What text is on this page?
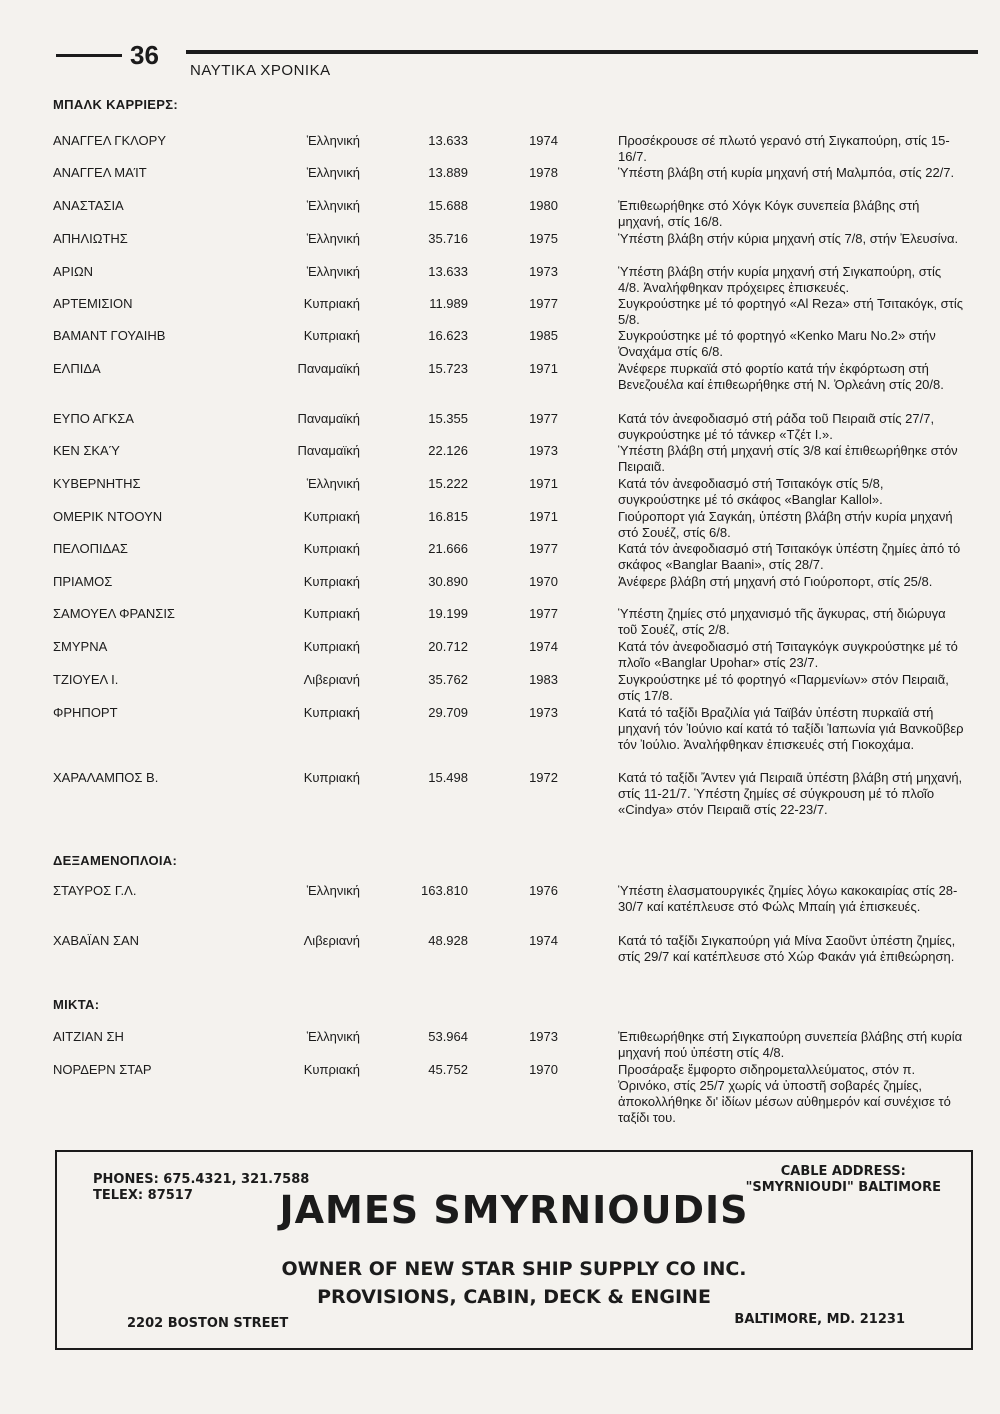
36
ΝΑΥΤΙΚΑ ΧΡΟΝΙΚΑ
ΜΠΑΛΚ ΚΑΡΡΙΕΡΣ:
ΑΝΑΓΓΕΛ ΓΚΛΟΡΥ	Ἑλληνική	13.633	1974	Προσέκρουσε σέ πλωτό γερανό στή Σιγκαπούρη, στίς 15-16/7.
ΑΝΑΓΓΕΛ ΜΑΊΤ	Ἑλληνική	13.889	1978	Ὑπέστη βλάβη στή κυρία μηχανή στή Μαλμπόα, στίς 22/7.
ΑΝΑΣΤΑΣΙΑ	Ἑλληνική	15.688	1980	Ἐπιθεωρήθηκε στό Χόγκ Κόγκ συνεπεία βλάβης στή μηχανή, στίς 16/8.
ΑΠΗΛΙΩΤΗΣ	Ἑλληνική	35.716	1975	Ὑπέστη βλάβη στήν κύρια μηχανή στίς 7/8, στήν Ἐλευσίνα.
ΑΡΙΩΝ	Ἑλληνική	13.633	1973	Ὑπέστη βλάβη στήν κυρία μηχανή στή Σιγκαπούρη, στίς 4/8. Ἀναλήφθηκαν πρόχειρες ἐπισκευές.
ΑΡΤΕΜΙΣΙΟΝ	Κυπριακή	11.989	1977	Συγκρούστηκε μέ τό φορτηγό «Al Reza» στή Τσιτακόγκ, στίς 5/8.
ΒΑΜΑΝΤ ΓΟΥΑΙΗΒ	Κυπριακή	16.623	1985	Συγκρούστηκε μέ τό φορτηγό «Kenko Maru No.2» στήν Ὀναχάμα στίς 6/8.
ΕΛΠΙΔΑ	Παναμαϊκή	15.723	1971	Ἀνέφερε πυρκαϊά στό φορτίο κατά τήν ἐκφόρτωση στή Βενεζουέλα καί ἐπιθεωρήθηκε στή Ν. Ὀρλεάνη στίς 20/8.
ΕΥΠΟ ΑΓΚΣΑ	Παναμαϊκή	15.355	1977	Κατά τόν ἀνεφοδιασμό στή ράδα τοῦ Πειραιᾶ στίς 27/7, συγκρούστηκε μέ τό τάνκερ «Τζέτ Ι.».
ΚΕΝ ΣΚΑΎ	Παναμαϊκή	22.126	1973	Ὑπέστη βλάβη στή μηχανή στίς 3/8 καί ἐπιθεωρήθηκε στόν Πειραιᾶ.
ΚΥΒΕΡΝΗΤΗΣ	Ἑλληνική	15.222	1971	Κατά τόν ἀνεφοδιασμό στή Τσιτακόγκ στίς 5/8, συγκρούστηκε μέ τό σκάφος «Banglar Kallol».
ΟΜΕΡΙΚ ΝΤΟΟΥΝ	Κυπριακή	16.815	1971	Γιούροπορτ γιά Σαγκάη, ὑπέστη βλάβη στήν κυρία μηχανή στό Σουέζ, στίς 6/8.
ΠΕΛΟΠΙΔΑΣ	Κυπριακή	21.666	1977	Κατά τόν ἀνεφοδιασμό στή Τσιτακόγκ ὑπέστη ζημίες ἀπό τό σκάφος «Banglar Baani», στίς 28/7.
ΠΡΙΑΜΟΣ	Κυπριακή	30.890	1970	Ἀνέφερε βλάβη στή μηχανή στό Γιούροπορτ, στίς 25/8.
ΣΑΜΟΥΕΛ ΦΡΑΝΣΙΣ	Κυπριακή	19.199	1977	Ὑπέστη ζημίες στό μηχανισμό τῆς ἄγκυρας, στή διώρυγα τοῦ Σουέζ, στίς 2/8.
ΣΜΥΡΝΑ	Κυπριακή	20.712	1974	Κατά τόν ἀνεφοδιασμό στή Τσιταγκόγκ συγκρούστηκε μέ τό πλοῖο «Banglar Upohar» στίς 23/7.
ΤΖΙΟΥΕΛ Ι.	Λιβεριανή	35.762	1983	Συγκρούστηκε μέ τό φορτηγό «Παρμενίων» στόν Πειραιᾶ, στίς 17/8.
ΦΡΗΠΟΡΤ	Κυπριακή	29.709	1973	Κατά τό ταξίδι Βραζιλία γιά Ταϊβάν ὑπέστη πυρκαϊά στή μηχανή τόν Ἰούνιο καί κατά τό ταξίδι Ἰαπωνία γιά Βανκοῦβερ τόν Ἰούλιο. Ἀναλήφθηκαν ἐπισκευές στή Γιοκοχάμα.
ΧΑΡΑΛΑΜΠΟΣ Β.	Κυπριακή	15.498	1972	Κατά τό ταξίδι Ἄντεν γιά Πειραιᾶ ὑπέστη βλάβη στή μηχανή, στίς 11-21/7. Ὑπέστη ζημίες σέ σύγκρουση μέ τό πλοῖο «Cindya» στόν Πειραιᾶ στίς 22-23/7.
ΔΕΞΑΜΕΝΟΠΛΟΙΑ:
ΣΤΑΥΡΟΣ Γ.Λ.	Ἑλληνική	163.810	1976	Ὑπέστη ἐλασματουργικές ζημίες λόγω κακοκαιρίας στίς 28-30/7 καί κατέπλευσε στό Φώλς Μπαίη γιά ἐπισκευές.
ΧΑΒΑΪΑΝ ΣΑΝ	Λιβεριανή	48.928	1974	Κατά τό ταξίδι Σιγκαπούρη γιά Μίνα Σαοῦντ ὑπέστη ζημίες, στίς 29/7 καί κατέπλευσε στό Χώρ Φακάν γιά ἐπιθεώρηση.
ΜΙΚΤΑ:
ΑΙΤΖΙΑΝ ΣΗ	Ἑλληνική	53.964	1973	Ἐπιθεωρήθηκε στή Σιγκαπούρη συνεπεία βλάβης στή κυρία μηχανή πού ὑπέστη στίς 4/8.
ΝΟΡΔΕΡΝ ΣΤΑΡ	Κυπριακή	45.752	1970	Προσάραξε ἔμφορτο σιδηρομεταλλεύματος, στόν π. Ὀρινόκο, στίς 25/7 χωρίς νά ὑποστῆ σοβαρές ζημίες, ἀποκολλήθηκε δι' ἰδίων μέσων αὐθημερόν καί συνέχισε τό ταξίδι του.
PHONES: 675.4321, 321.7588
TELEX: 87517
CABLE ADDRESS:
"SMYRNIOUDI" BALTIMORE
JAMES SMYRNIOUDIS
OWNER OF NEW STAR SHIP SUPPLY CO INC.
PROVISIONS, CABIN, DECK & ENGINE
2202 BOSTON STREET	BALTIMORE, MD. 21231
